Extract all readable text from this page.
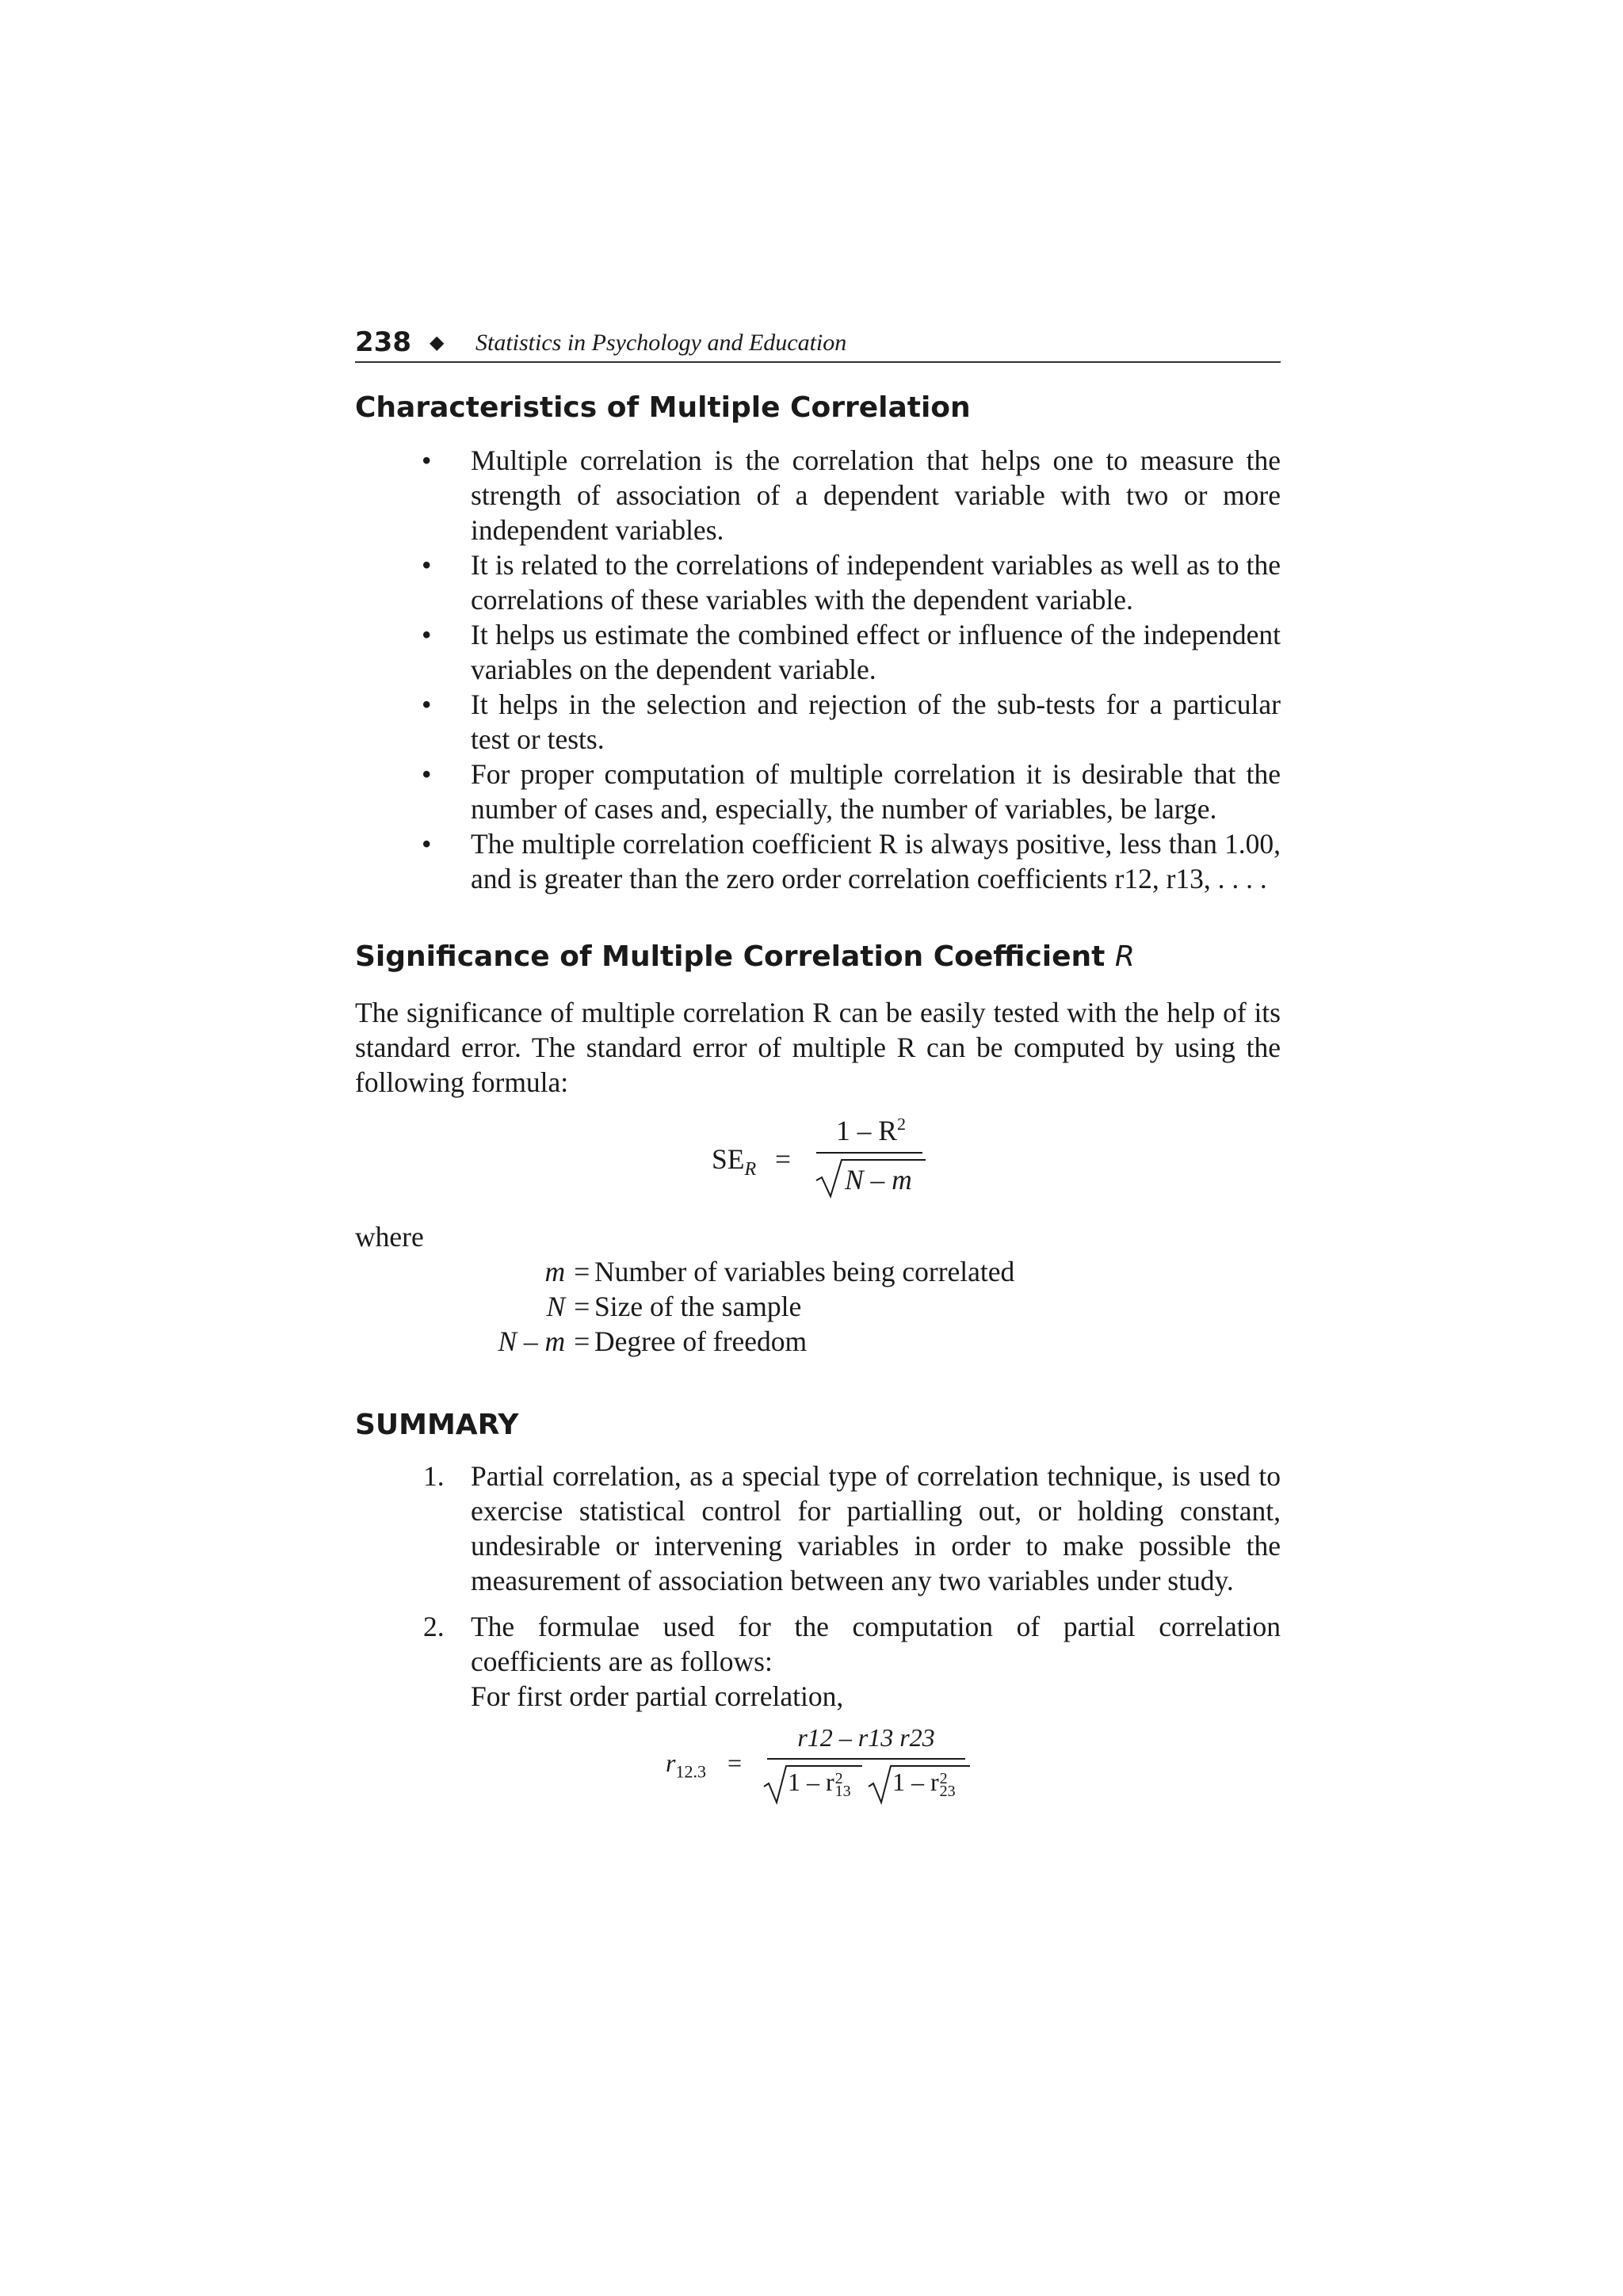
238 ◆ Statistics in Psychology and Education
Characteristics of Multiple Correlation
• Multiple correlation is the correlation that helps one to measure the strength of association of a dependent variable with two or more independent variables.
• It is related to the correlations of independent variables as well as to the correlations of these variables with the dependent variable.
• It helps us estimate the combined effect or influence of the independent variables on the dependent variable.
• It helps in the selection and rejection of the sub-tests for a particular test or tests.
• For proper computation of multiple correlation it is desirable that the number of cases and, especially, the number of variables, be large.
• The multiple correlation coefficient R is always positive, less than 1.00, and is greater than the zero order correlation coefficients r12, r13, . . . .
Significance of Multiple Correlation Coefficient R

The significance of multiple correlation R can be easily tested with the help of its standard error. The standard error of multiple R can be computed by using the following formula:

$SE_R$ =
$1 - R^2$
N – m
where
m = Number of variables being correlated
N = Size of the sample
N – m = Degree of freedom
SUMMARY
1. Partial correlation, as a special type of correlation technique, is used to exercise statistical control for partialling out, or holding constant, undesirable or intervening variables in order to make possible the measurement of association between any two variables under study.
2. The formulae used for the computation of partial correlation coefficients are as follows:
For first order partial correlation,
$r_{12.3}$ =
r12 – r13 r23
1 – r 2
13 1 – r 2
23
